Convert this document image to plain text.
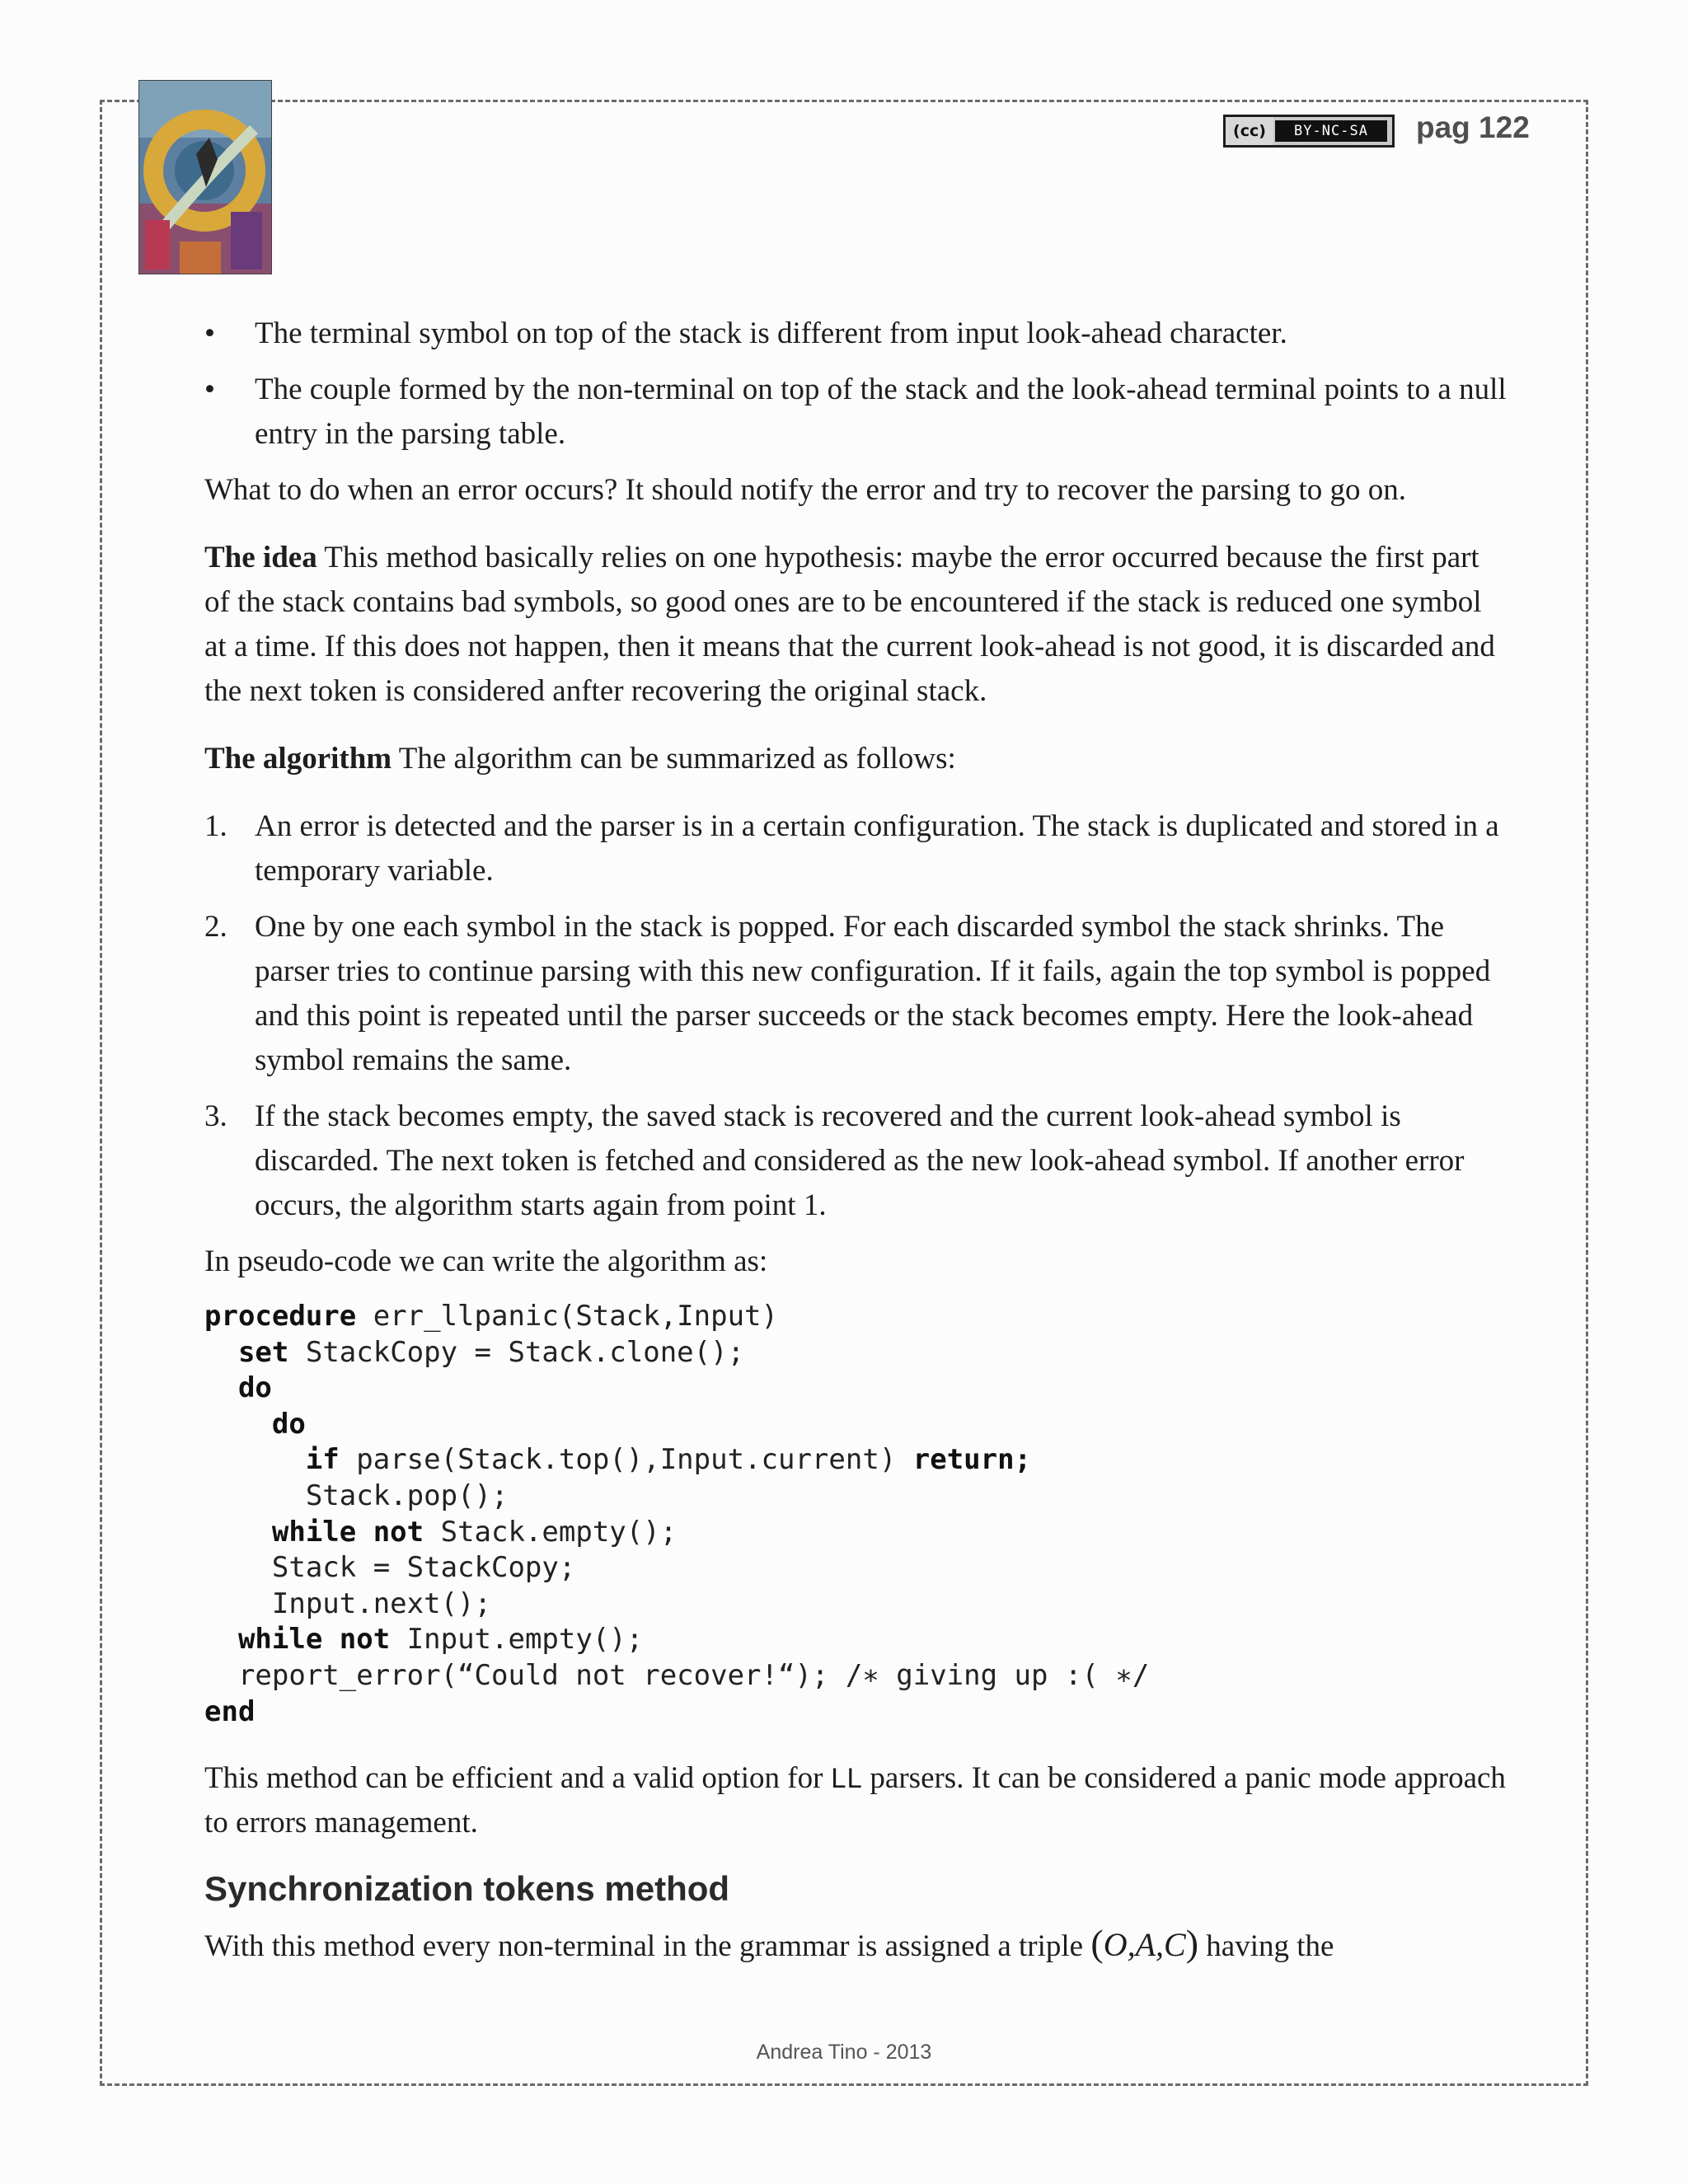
(cc)	BY-NC-SA	pag 122
• The terminal symbol on top of the stack is different from input look-ahead character.
• The couple formed by the non-terminal on top of the stack and the look-ahead terminal points to a null entry in the parsing table.

What to do when an error occurs? It should notify the error and try to recover the parsing to go on.

The idea This method basically relies on one hypothesis: maybe the error occurred because the first part of the stack contains bad symbols, so good ones are to be encountered if the stack is reduced one symbol at a time. If this does not happen, then it means that the current look-ahead is not good, it is discarded and the next token is considered anfter recovering the original stack.

The algorithm The algorithm can be summarized as follows:

1. An error is detected and the parser is in a certain configuration. The stack is duplicated and stored in a temporary variable.
2. One by one each symbol in the stack is popped. For each discarded symbol the stack shrinks. The parser tries to continue parsing with this new configuration. If it fails, again the top symbol is popped and this point is repeated until the parser succeeds or the stack becomes empty. Here the look-ahead symbol remains the same.
3. If the stack becomes empty, the saved stack is recovered and the current look-ahead symbol is discarded. The next token is fetched and considered as the new look-ahead symbol. If another error occurs, the algorithm starts again from point 1.

In pseudo-code we can write the algorithm as:

procedure err_llpanic(Stack,Input)
set StackCopy = Stack.clone();
do
do
if parse(Stack.top(),Input.current) return;
Stack.pop();
while not Stack.empty();
Stack = StackCopy;
Input.next();
while not Input.empty();
report_error(“Could not recover!“); /∗ giving up :( ∗/
end

This method can be efficient and a valid option for LL parsers. It can be considered a panic mode approach to errors management.

Synchronization tokens method

With this method every non-terminal in the grammar is assigned a triple (O,A,C) having the

Andrea Tino - 2013
